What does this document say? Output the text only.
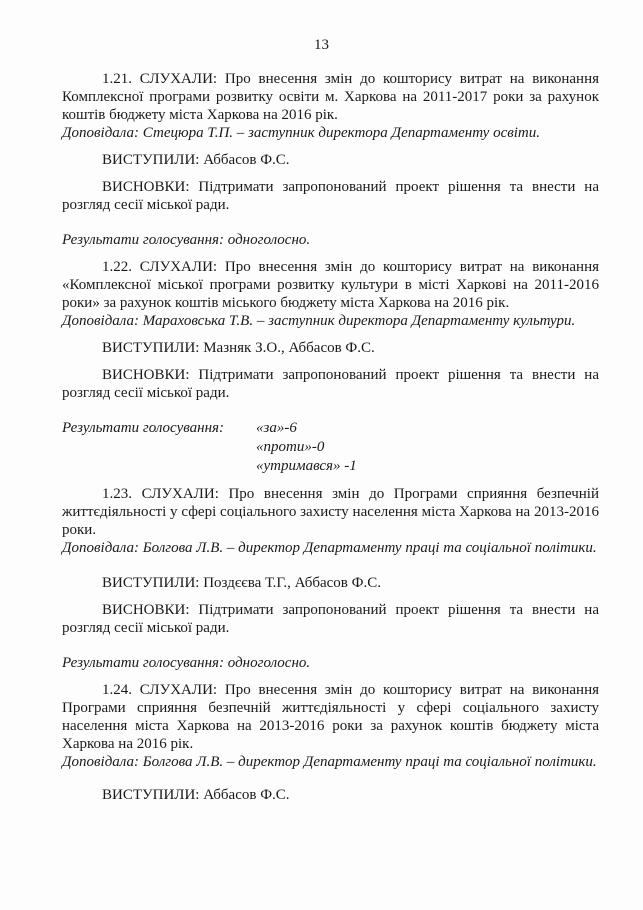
13

1.21. СЛУХАЛИ: Про внесення змін до кошторису витрат на виконання Комплексної програми розвитку освіти м. Харкова на 2011-2017 роки за рахунок коштів бюджету міста Харкова на 2016 рік.

Доповідала: Стецюра Т.П. – заступник директора Департаменту освіти.

ВИСТУПИЛИ: Аббасов Ф.С.

ВИСНОВКИ: Підтримати запропонований проект рішення та внести на розгляд сесії міської ради.

Результати голосування: одноголосно.

1.22. СЛУХАЛИ: Про внесення змін до кошторису витрат на виконання «Комплексної міської програми розвитку культури в місті Харкові на 2011-2016 роки» за рахунок коштів міського бюджету міста Харкова на 2016 рік.

Доповідала: Мараховська Т.В. – заступник директора Департаменту культури.

ВИСТУПИЛИ: Мазняк З.О., Аббасов Ф.С.

ВИСНОВКИ: Підтримати запропонований проект рішення та внести на розгляд сесії міської ради.

Результати голосування:	«за»-6
«проти»-0
«утримався» -1

1.23. СЛУХАЛИ: Про внесення змін до Програми сприяння безпечній життєдіяльності у сфері соціального захисту населення міста Харкова на 2013-2016 роки.

Доповідала: Болгова Л.В. – директор Департаменту праці та соціальної політики.

ВИСТУПИЛИ: Поздєєва Т.Г., Аббасов Ф.С.

ВИСНОВКИ: Підтримати запропонований проект рішення та внести на розгляд сесії міської ради.

Результати голосування: одноголосно.

1.24. СЛУХАЛИ: Про внесення змін до кошторису витрат на виконання Програми сприяння безпечній життєдіяльності у сфері соціального захисту населення міста Харкова на 2013-2016 роки за рахунок коштів бюджету міста Харкова на 2016 рік.

Доповідала: Болгова Л.В. – директор Департаменту праці та соціальної політики.

ВИСТУПИЛИ: Аббасов Ф.С.
